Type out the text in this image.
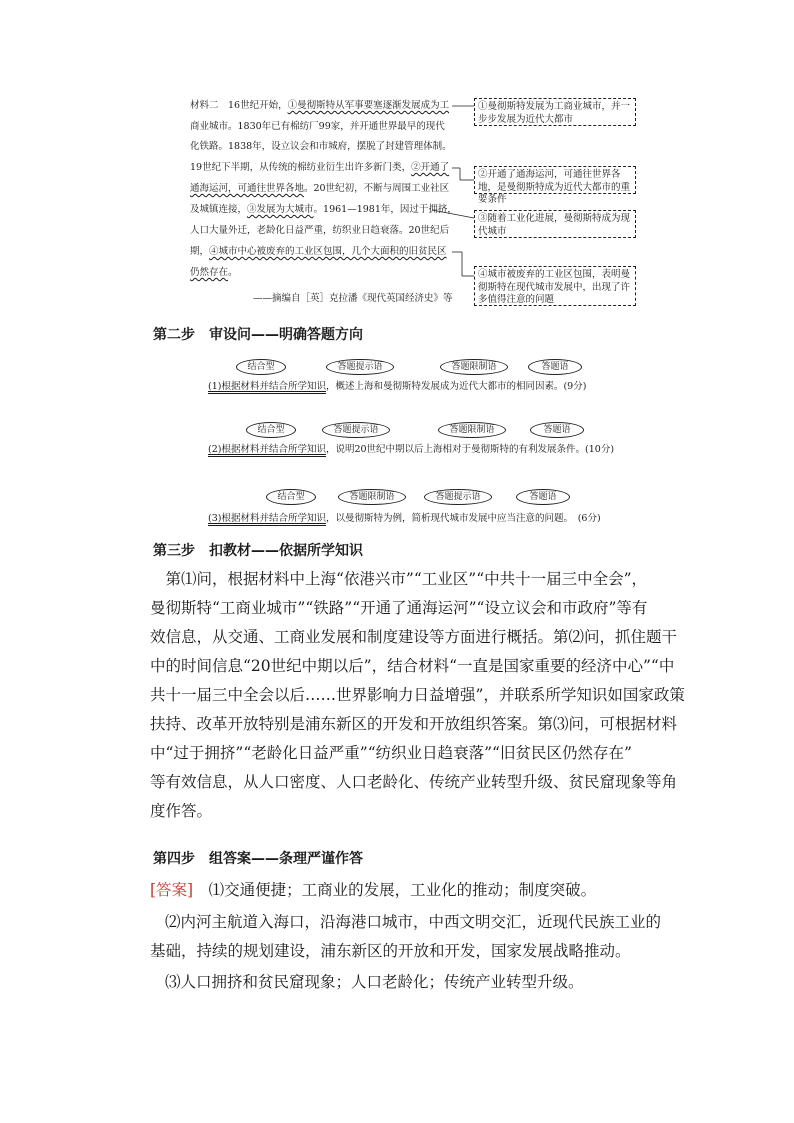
材料二　16世纪开始，①曼彻斯特从军事要塞逐渐发展成为工
商业城市。1830年已有棉纺厂99家，并开通世界最早的现代
化铁路。1838年，设立议会和市城府，摆脱了封建管理体制。
19世纪下半期，从传统的棉纺业衍生出许多新门类，②开通了
通海运河，可通往世界各地。20世纪初，不断与周围工业社区
及城镇连接，③发展为大城市。1961—1981年，因过于拥挤，
人口大量外迁，老龄化日益严重，纺织业日趋衰落。20世纪后
期，④城市中心被废弃的工业区包围，几个大面积的旧贫民区
仍然存在。
——摘编自［英］克拉潘《现代英国经济史》等
①曼彻斯特发展为工商业城市，并一步步发展为近代大都市
②开通了通海运河，可通往世界各地，是曼彻斯特成为近代大都市的重要条件
③随着工业化进展，曼彻斯特成为现代城市
④城市被废弃的工业区包围，表明曼彻斯特在现代城市发展中，出现了许多值得注意的问题
第二步　审设问——明确答题方向
结合型	答题提示语	答题限制语	答题语
(1)根据材料并结合所学知识，概述上海和曼彻斯特发展成为近代大都市的相同因素。(9分)
结合型	答题提示语	答题限制语	答题语
(2)根据材料并结合所学知识，说明20世纪中期以后上海相对于曼彻斯特的有利发展条件。(10分)
结合型	答题限制语	答题提示语	答题语
(3)根据材料并结合所学知识，以曼彻斯特为例，简析现代城市发展中应当注意的问题。　(6分)
第三步　扣教材——依据所学知识
　第⑴问，根据材料中上海“依港兴市”“工业区”“中共十一届三中全会”，
曼彻斯特“工商业城市”“铁路”“开通了通海运河”“设立议会和市政府”等有
效信息，从交通、工商业发展和制度建设等方面进行概括。第⑵问，抓住题干
中的时间信息“20世纪中期以后”，结合材料“一直是国家重要的经济中心”“中
共十一届三中全会以后……世界影响力日益增强”，并联系所学知识如国家政策
扶持、改革开放特别是浦东新区的开发和开放组织答案。第⑶问，可根据材料
中“过于拥挤”“老龄化日益严重”“纺织业日趋衰落”“旧贫民区仍然存在”
等有效信息，从人口密度、人口老龄化、传统产业转型升级、贫民窟现象等角
度作答。
第四步　组答案——条理严谨作答
[答案]　⑴交通便捷；工商业的发展，工业化的推动；制度突破。
⑵内河主航道入海口，沿海港口城市，中西文明交汇，近现代民族工业的
基础，持续的规划建设，浦东新区的开放和开发，国家发展战略推动。
⑶人口拥挤和贫民窟现象；人口老龄化；传统产业转型升级。
